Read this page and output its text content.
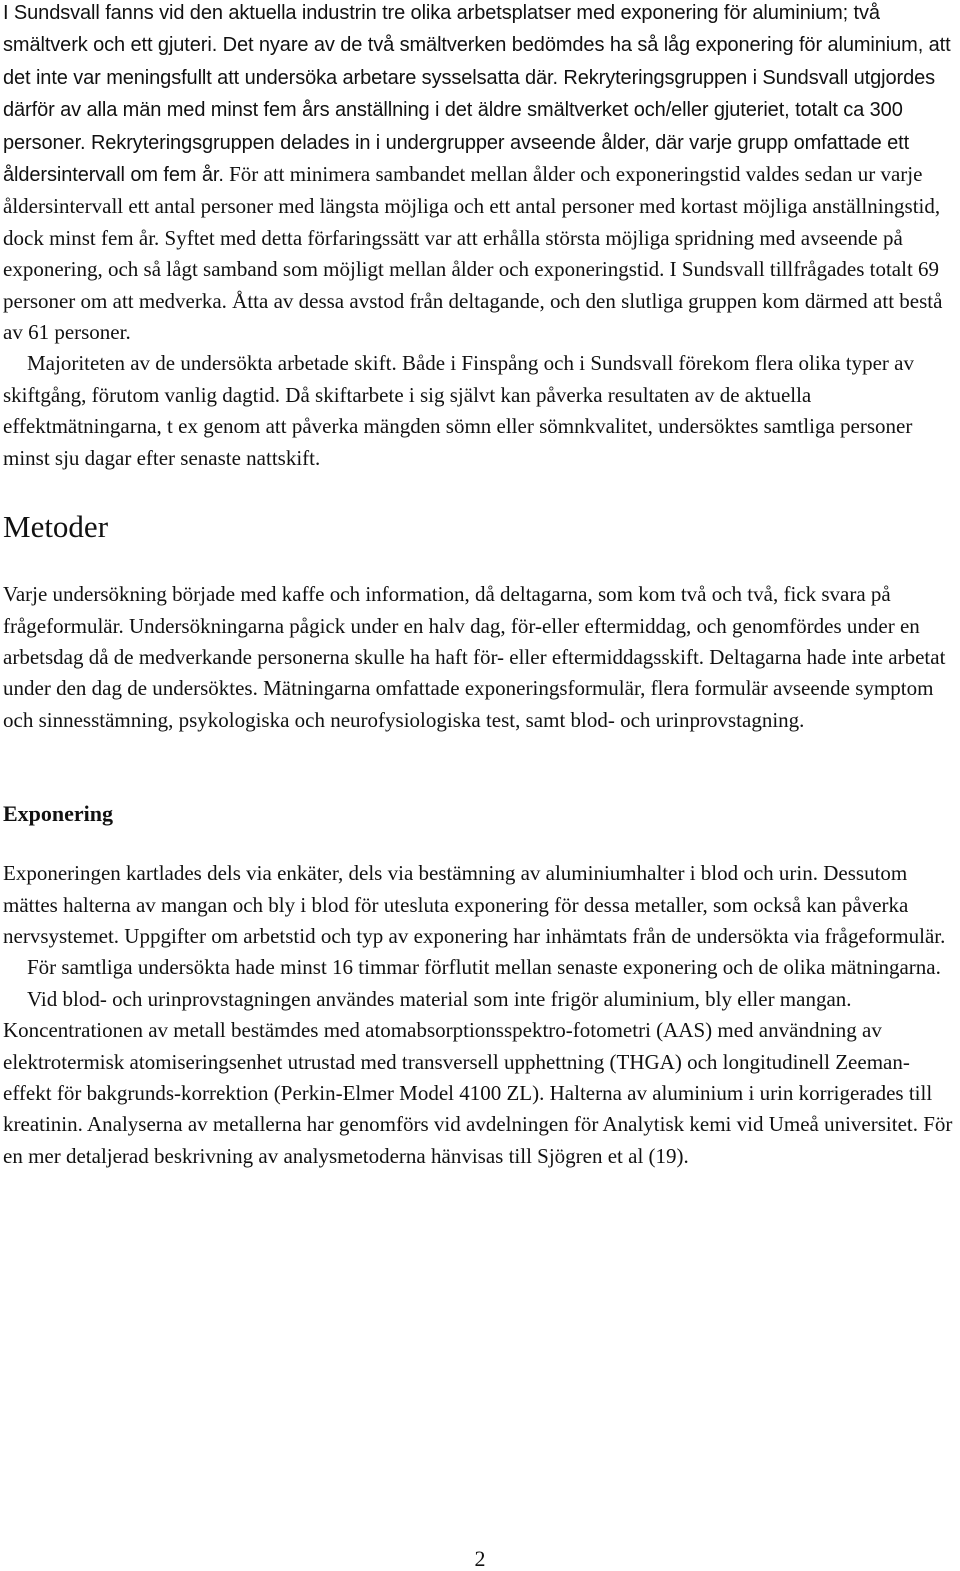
I Sundsvall fanns vid den aktuella industrin tre olika arbetsplatser med exponering för aluminium; två smältverk och ett gjuteri. Det nyare av de två smältverken bedömdes ha så låg exponering för aluminium, att det inte var meningsfullt att undersöka arbetare sysselsatta där. Rekryteringsgruppen i Sundsvall utgjordes därför av alla män med minst fem års anställning i det äldre smältverket och/eller gjuteriet, totalt ca 300 personer. Rekryteringsgruppen delades in i undergrupper avseende ålder, där varje grupp omfattade ett åldersintervall om fem år. För att minimera sambandet mellan ålder och exponeringstid valdes sedan ur varje åldersintervall ett antal personer med längsta möjliga och ett antal personer med kortast möjliga anställningstid, dock minst fem år. Syftet med detta förfaringssätt var att erhålla största möjliga spridning med avseende på exponering, och så lågt samband som möjligt mellan ålder och exponeringstid. I Sundsvall tillfrågades totalt 69 personer om att medverka. Åtta av dessa avstod från deltagande, och den slutliga gruppen kom därmed att bestå av 61 personer.

Majoriteten av de undersökta arbetade skift. Både i Finspång och i Sundsvall förekom flera olika typer av skiftgång, förutom vanlig dagtid. Då skiftarbete i sig självt kan påverka resultaten av de aktuella effektmätningarna, t ex genom att påverka mängden sömn eller sömnkvalitet, undersöktes samtliga personer minst sju dagar efter senaste nattskift.

Metoder

Varje undersökning började med kaffe och information, då deltagarna, som kom två och två, fick svara på frågeformulär. Undersökningarna pågick under en halv dag, för-eller eftermiddag, och genomfördes under en arbetsdag då de medverkande personerna skulle ha haft för- eller eftermiddagsskift. Deltagarna hade inte arbetat under den dag de undersöktes. Mätningarna omfattade exponeringsformulär, flera formulär avseende symptom och sinnesstämning, psykologiska och neurofysiologiska test, samt blod- och urinprovstagning.

Exponering

Exponeringen kartlades dels via enkäter, dels via bestämning av aluminiumhalter i blod och urin. Dessutom mättes halterna av mangan och bly i blod för utesluta exponering för dessa metaller, som också kan påverka nervsystemet. Uppgifter om arbetstid och typ av exponering har inhämtats från de undersökta via frågeformulär.

För samtliga undersökta hade minst 16 timmar förflutit mellan senaste exponering och de olika mätningarna.

Vid blod- och urinprovstagningen användes material som inte frigör aluminium, bly eller mangan. Koncentrationen av metall bestämdes med atomabsorptionsspektro-fotometri (AAS) med användning av elektrotermisk atomiseringsenhet utrustad med transversell upphettning (THGA) och longitudinell Zeeman-effekt för bakgrunds-korrektion (Perkin-Elmer Model 4100 ZL). Halterna av aluminium i urin korrigerades till kreatinin. Analyserna av metallerna har genomförs vid avdelningen för Analytisk kemi vid Umeå universitet. För en mer detaljerad beskrivning av analysmetoderna hänvisas till Sjögren et al (19).

2
